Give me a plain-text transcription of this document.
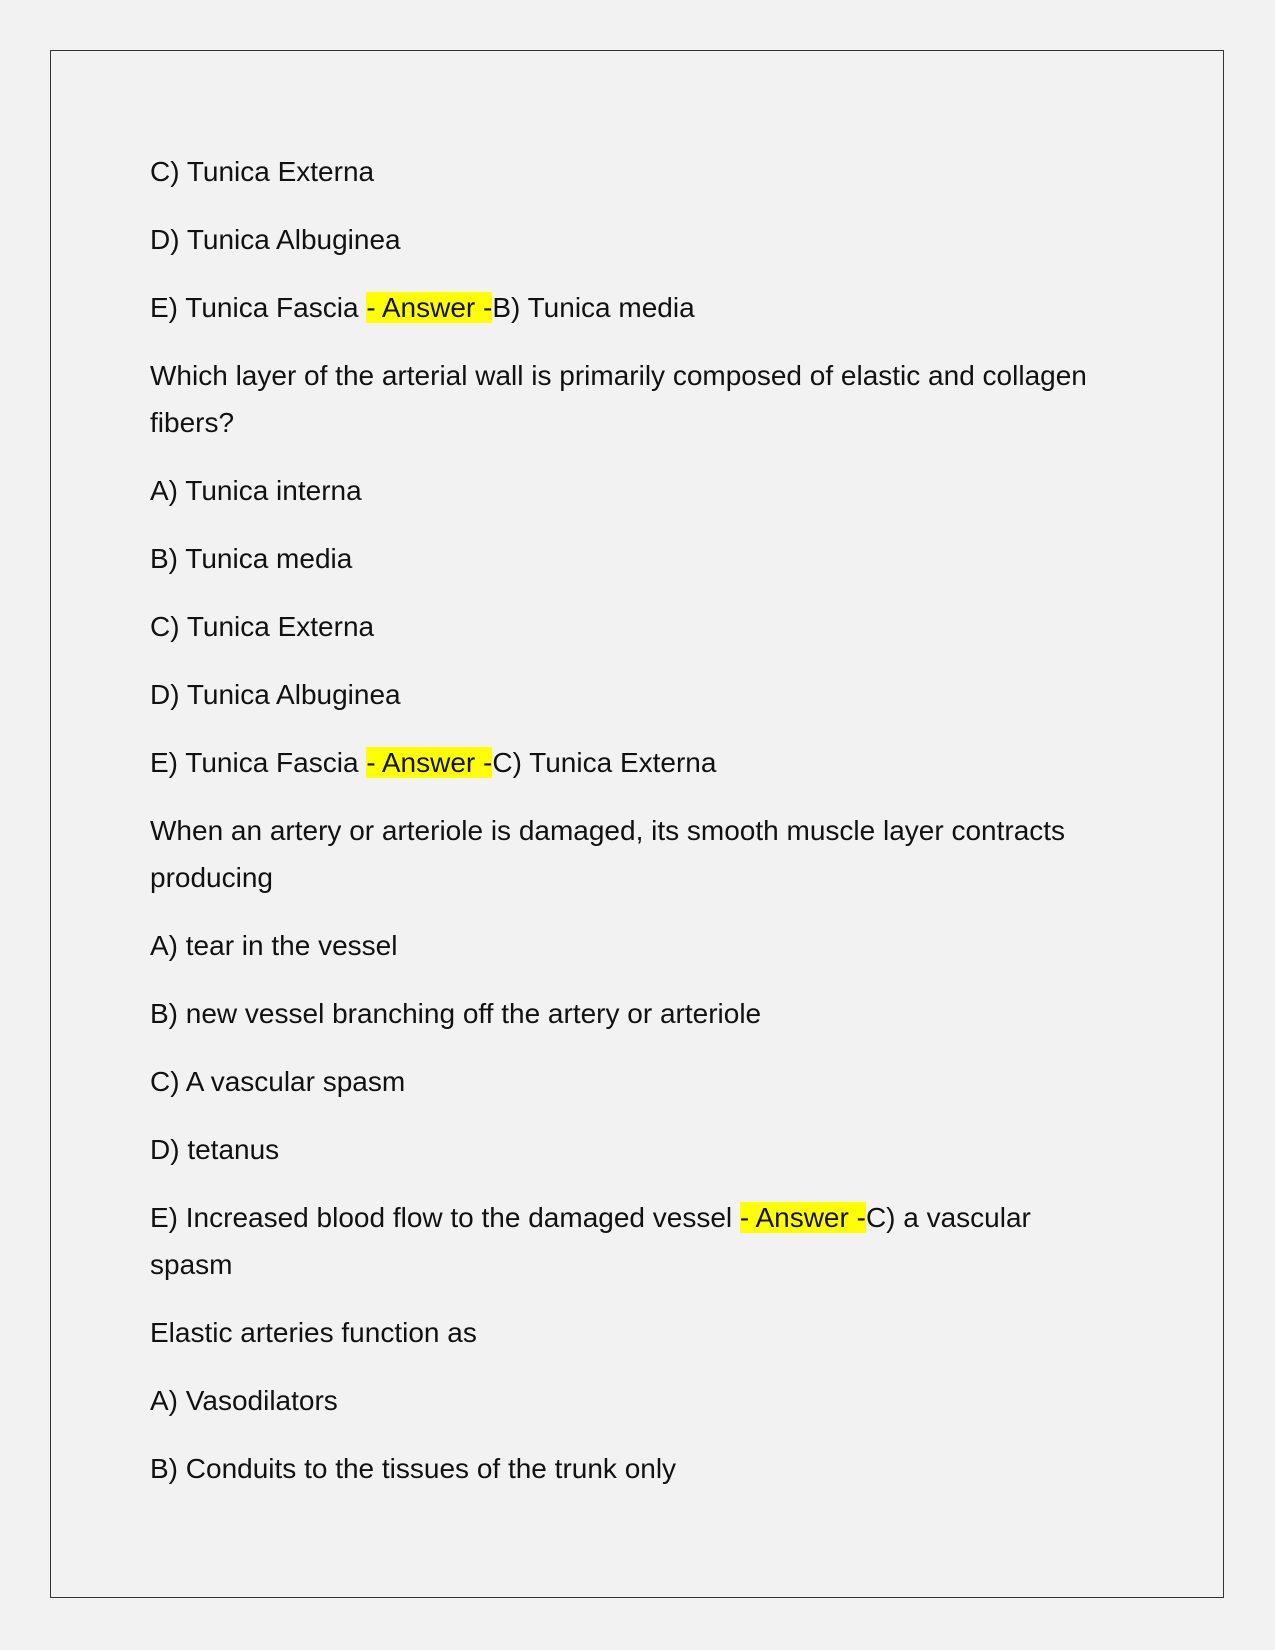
C) Tunica Externa

D) Tunica Albuginea

E) Tunica Fascia - Answer -B) Tunica media

Which layer of the arterial wall is primarily composed of elastic and collagen fibers?

A) Tunica interna

B) Tunica media

C) Tunica Externa

D) Tunica Albuginea

E) Tunica Fascia - Answer -C) Tunica Externa

When an artery or arteriole is damaged, its smooth muscle layer contracts producing

A) tear in the vessel

B) new vessel branching off the artery or arteriole

C) A vascular spasm

D) tetanus

E) Increased blood flow to the damaged vessel - Answer -C) a vascular spasm

Elastic arteries function as

A) Vasodilators

B) Conduits to the tissues of the trunk only
